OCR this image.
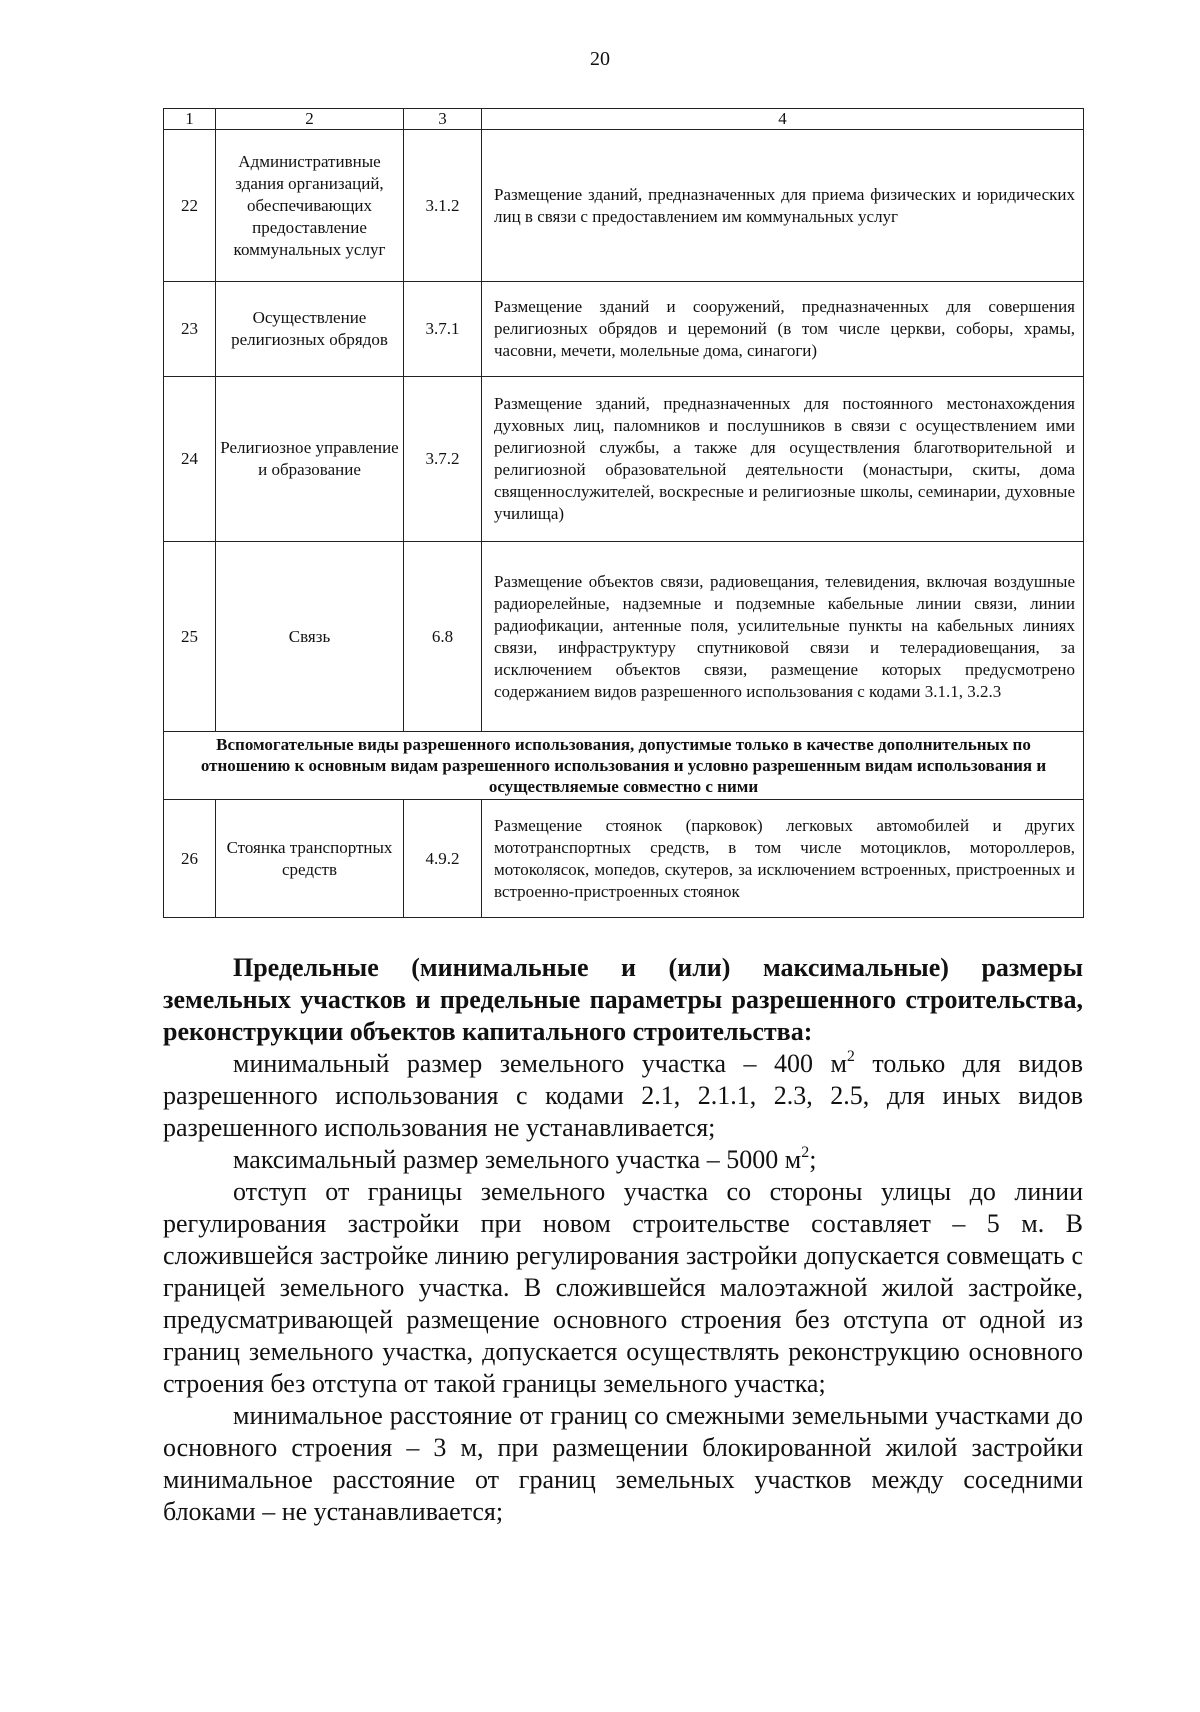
20
1	2	3	4
22	Административные здания организаций, обеспечивающих предоставление коммунальных услуг	3.1.2	Размещение зданий, предназначенных для приема физических и юридических лиц в связи с предоставлением им коммунальных услуг
23	Осуществление религиозных обрядов	3.7.1	Размещение зданий и сооружений, предназначенных для совершения религиозных обрядов и церемоний (в том числе церкви, соборы, храмы, часовни, мечети, молельные дома, синагоги)
24	Религиозное управление и образование	3.7.2	Размещение зданий, предназначенных для постоянного местонахождения духовных лиц, паломников и послушников в связи с осуществлением ими религиозной службы, а также для осуществления благотворительной и религиозной образовательной деятельности (монастыри, скиты, дома священнослужителей, воскресные и религиозные школы, семинарии, духовные училища)
25	Связь	6.8	Размещение объектов связи, радиовещания, телевидения, включая воздушные радиорелейные, надземные и подземные кабельные линии связи, линии радиофикации, антенные поля, усилительные пункты на кабельных линиях связи, инфраструктуру спутниковой связи и телерадиовещания, за исключением объектов связи, размещение которых предусмотрено содержанием видов разрешенного использования с кодами 3.1.1, 3.2.3
Вспомогательные виды разрешенного использования, допустимые только в качестве дополнительных по отношению к основным видам разрешенного использования и условно разрешенным видам использования и осуществляемые совместно с ними			
26	Стоянка транспортных средств	4.9.2	Размещение стоянок (парковок) легковых автомобилей и других мототранспортных средств, в том числе мотоциклов, мотороллеров, мотоколясок, мопедов, скутеров, за исключением встроенных, пристроенных и встроенно-пристроенных стоянок

Предельные (минимальные и (или) максимальные) размеры земельных участков и предельные параметры разрешенного строительства, реконструкции объектов капитального строительства:

минимальный размер земельного участка – 400 $м^2$ только для видов разрешенного использования с кодами 2.1, 2.1.1, 2.3, 2.5, для иных видов разрешенного использования не устанавливается;

максимальный размер земельного участка – 5000 $м^2$;

отступ от границы земельного участка со стороны улицы до линии регулирования застройки при новом строительстве составляет – 5 м. В сложившейся застройке линию регулирования застройки допускается совмещать с границей земельного участка. В сложившейся малоэтажной жилой застройке, предусматривающей размещение основного строения без отступа от одной из границ земельного участка, допускается осуществлять реконструкцию основного строения без отступа от такой границы земельного участка;

минимальное расстояние от границ со смежными земельными участками до основного строения – 3 м, при размещении блокированной жилой застройки минимальное расстояние от границ земельных участков между соседними блоками – не устанавливается;
